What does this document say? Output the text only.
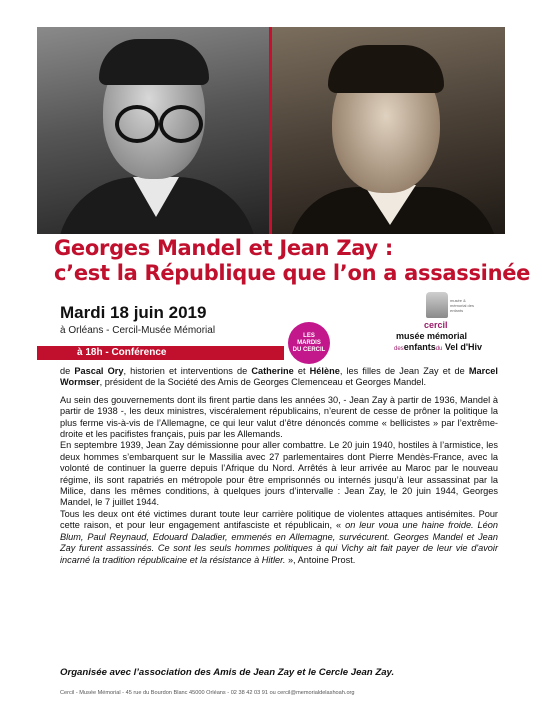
Georges Mandel et Jean Zay :
c’est la République que l’on a assassinée
Mardi 18 juin 2019
à Orléans - Cercil-Musée Mémorial	LES
MARDIS
DU CERCIL
musée & mémorial des enfants
cercil
musée mémorial
desenfantsdu Vel d'Hiv
à 18h - Conférence

de Pascal Ory, historien et interventions de Catherine et Hélène, les filles de Jean Zay et de Marcel Wormser, président de la Société des Amis de Georges Clemenceau et Georges Mandel.

Au sein des gouvernements dont ils firent partie dans les années 30, - Jean Zay à partir de 1936, Mandel à partir de 1938 -, les deux ministres, viscéralement républicains, n’eurent de cesse de prôner la politique la plus ferme vis-à-vis de l’Allemagne, ce qui leur valut d’être dénoncés comme « bellicistes » par l’extrême-droite et les pacifistes français, puis par les Allemands.

En septembre 1939, Jean Zay démissionne pour aller combattre. Le 20 juin 1940, hostiles à l’armistice, les deux hommes s’embarquent sur le Massilia avec 27 parlementaires dont Pierre Mendès-France, avec la volonté de continuer la guerre depuis l’Afrique du Nord. Arrêtés à leur arrivée au Maroc par le nouveau régime, ils sont rapatriés en métropole pour être emprisonnés ou internés jusqu’à leur assassinat par la Milice, dans les mêmes conditions, à quelques jours d’intervalle : Jean Zay, le 20 juin 1944, Georges Mandel, le 7 juillet 1944.

Tous les deux ont été victimes durant toute leur carrière politique de violentes attaques antisémites. Pour cette raison, et pour leur engagement antifasciste et républicain, « on leur voua une haine froide. Léon Blum, Paul Reynaud, Edouard Daladier, emmenés en Allemagne, survécurent. Georges Mandel et Jean Zay furent assassinés. Ce sont les seuls hommes politiques à qui Vichy ait fait payer de leur vie d'avoir incarné la tradition républicaine et la résistance à Hitler. », Antoine Prost.

Organisée avec l’association des Amis de Jean Zay et le Cercle Jean Zay.
Cercil - Musée Mémorial - 45 rue du Bourdon Blanc 45000 Orléans - 02 38 42 03 91 ou cercil@memorialdelashoah.org
